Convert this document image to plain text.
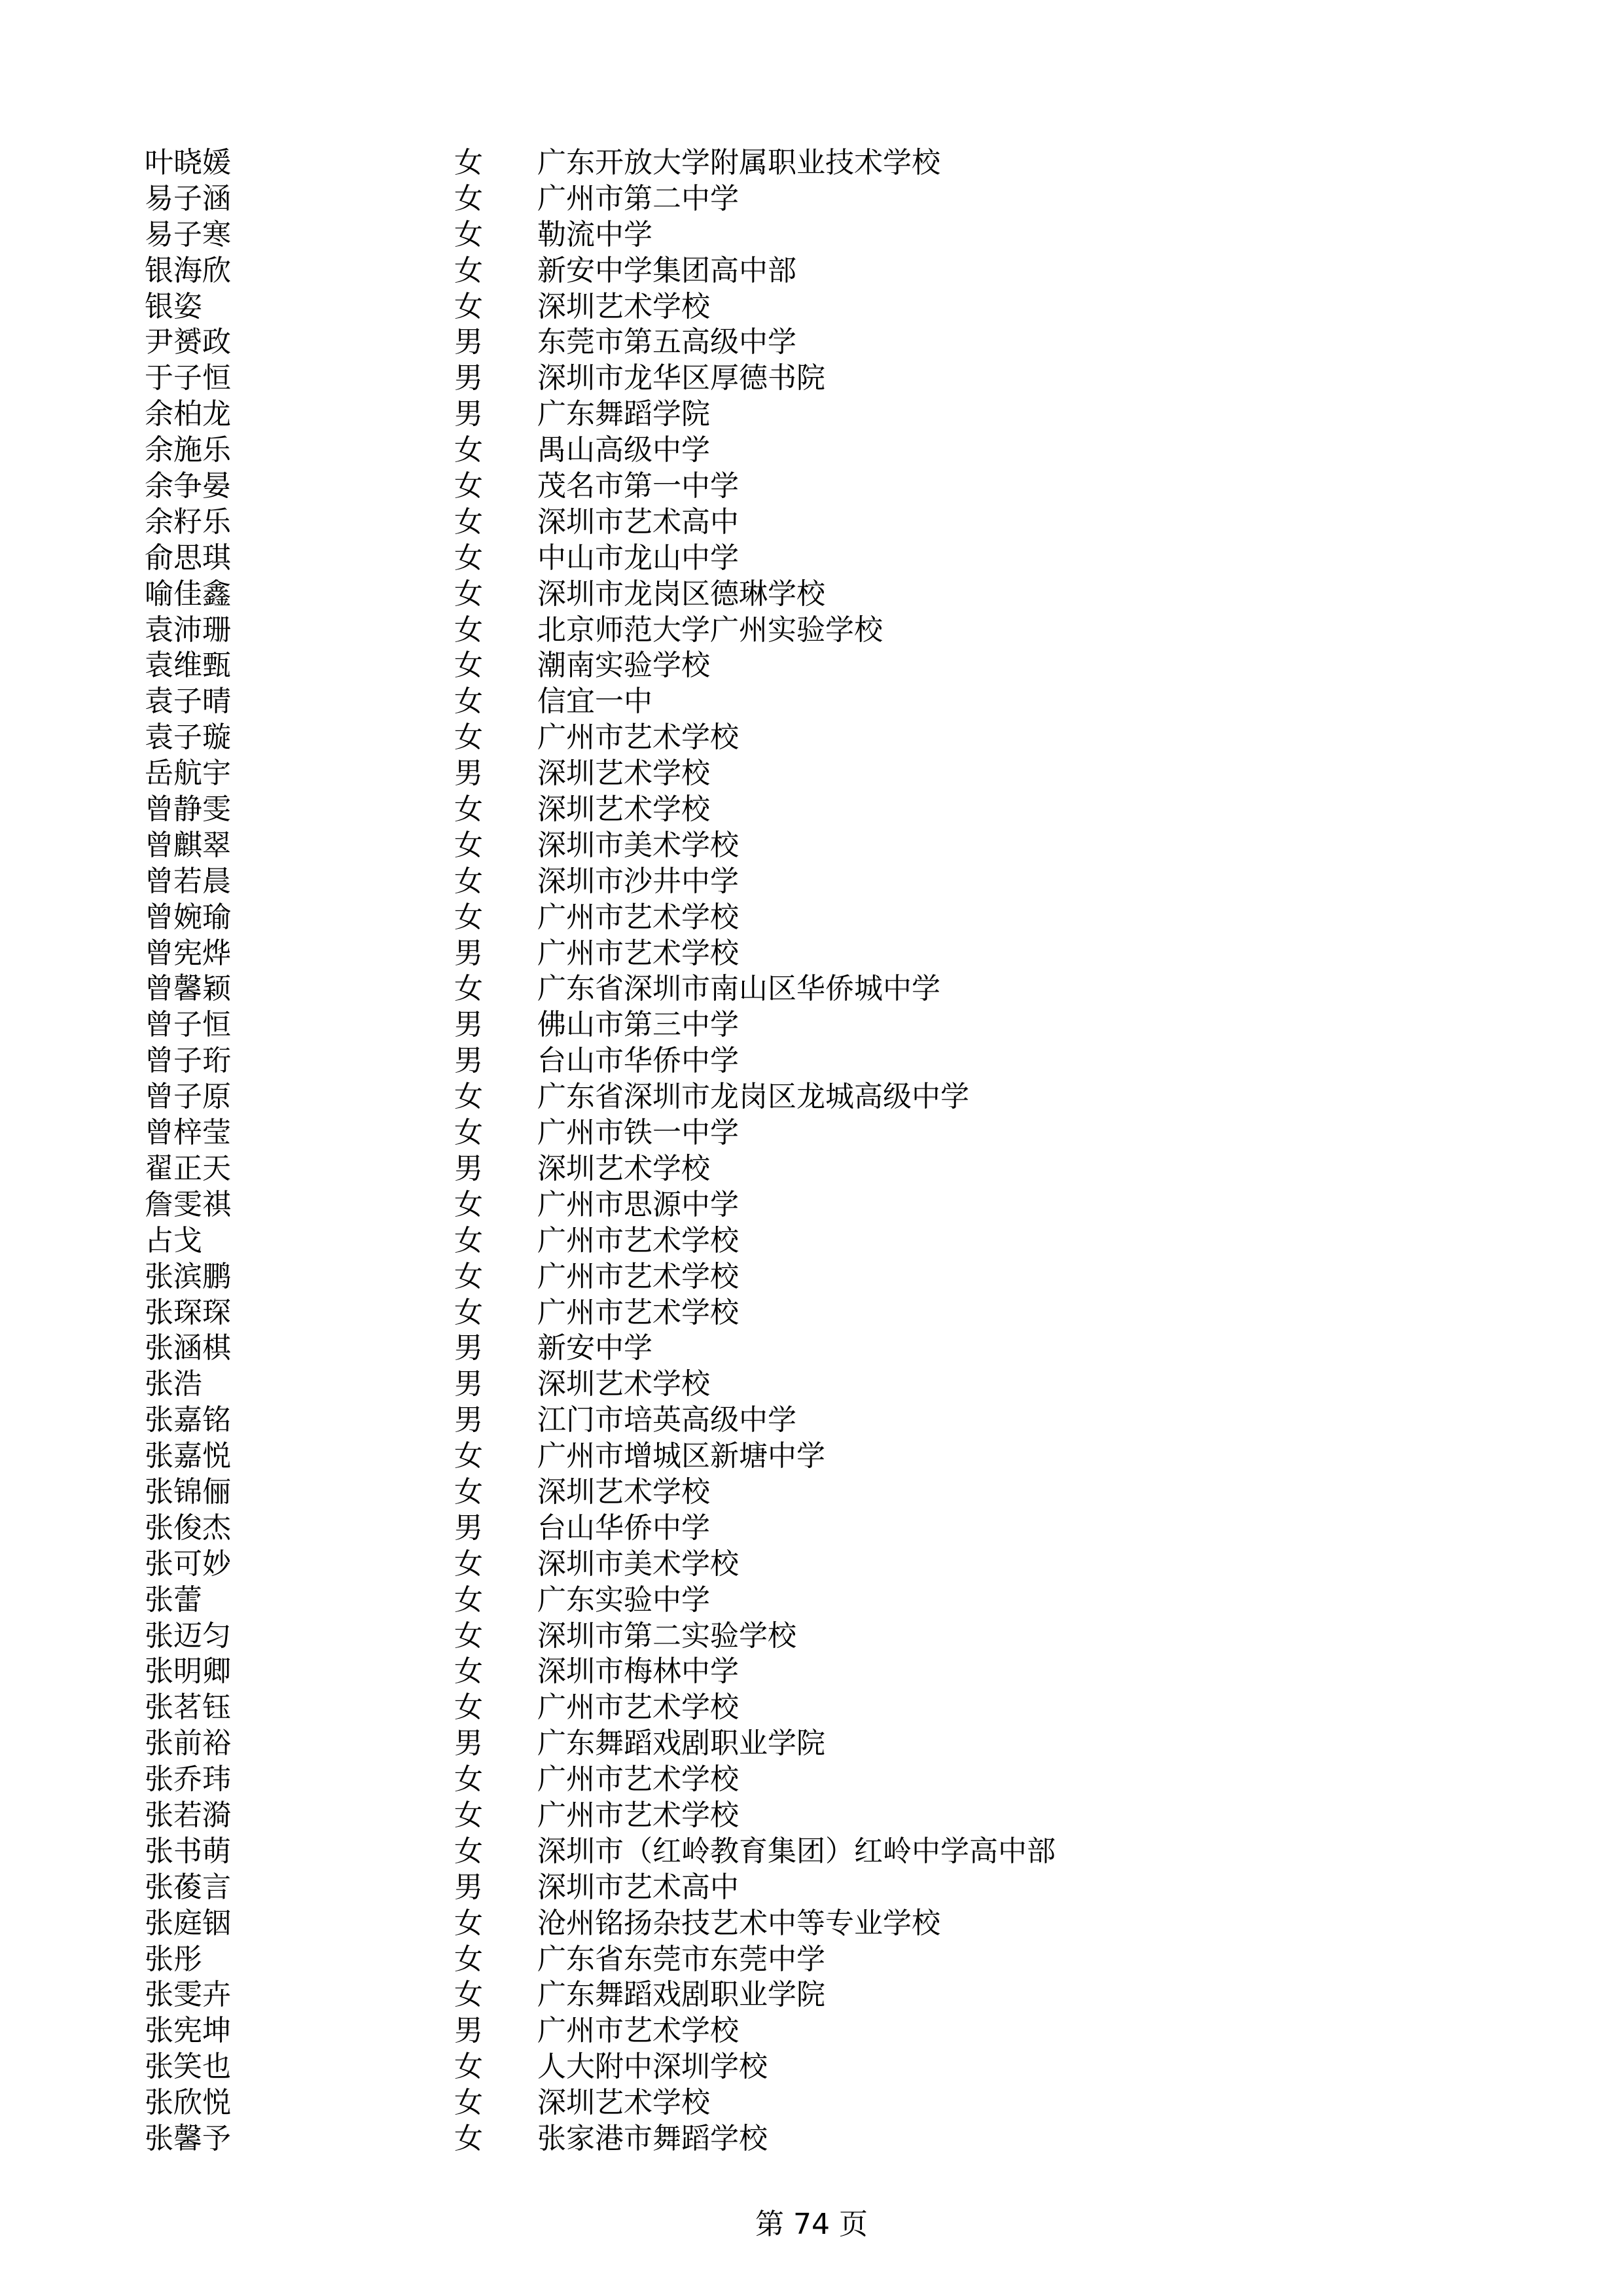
叶晓媛	女 广东开放大学附属职业技术学校
易子涵	女 广州市第二中学
易子寒	女 勒流中学
银海欣	女 新安中学集团高中部
银姿	女 深圳艺术学校
尹赟政	男 东莞市第五高级中学
于子恒	男 深圳市龙华区厚德书院
余柏龙	男 广东舞蹈学院
余施乐	女 禺山高级中学
余争晏	女 茂名市第一中学
余籽乐	女 深圳市艺术高中
俞思琪	女 中山市龙山中学
喻佳鑫	女 深圳市龙岗区德琳学校
袁沛珊	女 北京师范大学广州实验学校
袁维甄	女 潮南实验学校
袁子晴	女 信宜一中
袁子璇	女 广州市艺术学校
岳航宇	男 深圳艺术学校
曾静雯	女 深圳艺术学校
曾麒翠	女 深圳市美术学校
曾若晨	女 深圳市沙井中学
曾婉瑜	女 广州市艺术学校
曾宪烨	男 广州市艺术学校
曾馨颖	女 广东省深圳市南山区华侨城中学
曾子恒	男 佛山市第三中学
曾子珩	男 台山市华侨中学
曾子原	女 广东省深圳市龙岗区龙城高级中学
曾梓莹	女 广州市铁一中学
翟正天	男 深圳艺术学校
詹雯祺	女 广州市思源中学
占戈	女 广州市艺术学校
张滨鹏	女 广州市艺术学校
张琛琛	女 广州市艺术学校
张涵棋	男 新安中学
张浩	男 深圳艺术学校
张嘉铭	男 江门市培英高级中学
张嘉悦	女 广州市增城区新塘中学
张锦俪	女 深圳艺术学校
张俊杰	男 台山华侨中学
张可妙	女 深圳市美术学校
张蕾	女 广东实验中学
张迈匀	女 深圳市第二实验学校
张明卿	女 深圳市梅林中学
张茗钰	女 广州市艺术学校
张前裕	男 广东舞蹈戏剧职业学院
张乔玮	女 广州市艺术学校
张若漪	女 广州市艺术学校
张书萌	女 深圳市（红岭教育集团）红岭中学高中部
张葰言	男 深圳市艺术高中
张庭铟	女 沧州铭扬杂技艺术中等专业学校
张彤	女 广东省东莞市东莞中学
张雯卉	女 广东舞蹈戏剧职业学院
张宪坤	男 广州市艺术学校
张笑也	女 人大附中深圳学校
张欣悦	女 深圳艺术学校
张馨予	女 张家港市舞蹈学校
第 74 页
